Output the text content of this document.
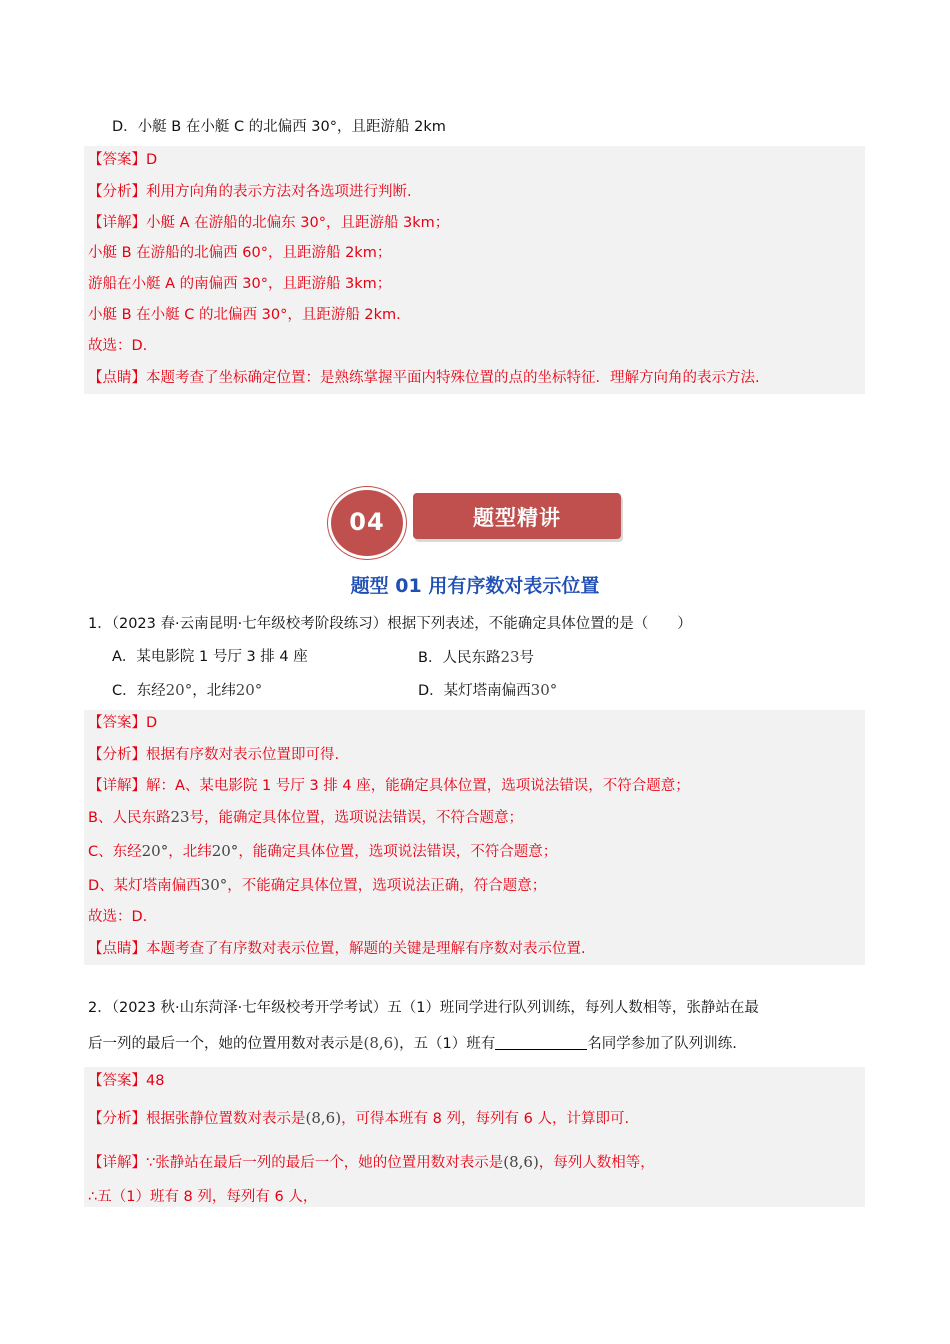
D．小艇 B 在小艇 C 的北偏西 30°，且距游船 2km
【答案】D
【分析】利用方向角的表示方法对各选项进行判断.
【详解】小艇 A 在游船的北偏东 30°，且距游船 3km；
小艇 B 在游船的北偏西 60°，且距游船 2km；
游船在小艇 A 的南偏西 30°，且距游船 3km；
小艇 B 在小艇 C 的北偏西 30°，且距游船 2km.
故选：D.
【点睛】本题考查了坐标确定位置：是熟练掌握平面内特殊位置的点的坐标特征．理解方向角的表示方法.
04	题型精讲
题型 01 用有序数对表示位置
1．（2023 春·云南昆明·七年级校考阶段练习）根据下列表述，不能确定具体位置的是（　　）
A．某电影院 1 号厅 3 排 4 座	B．人民东路23号
C．东经20°，北纬20°	D．某灯塔南偏西30°
【答案】D
【分析】根据有序数对表示位置即可得.
【详解】解：A、某电影院 1 号厅 3 排 4 座，能确定具体位置，选项说法错误，不符合题意；
B、人民东路23号，能确定具体位置，选项说法错误，不符合题意；
C、东经20°，北纬20°，能确定具体位置，选项说法错误，不符合题意；
D、某灯塔南偏西30°，不能确定具体位置，选项说法正确，符合题意；
故选：D.
【点睛】本题考查了有序数对表示位置，解题的关键是理解有序数对表示位置.
2．（2023 秋·山东菏泽·七年级校考开学考试）五（1）班同学进行队列训练，每列人数相等，张静站在最
后一列的最后一个，她的位置用数对表示是(8,6)，五（1）班有	名同学参加了队列训练.
【答案】48
【分析】根据张静位置数对表示是(8,6)，可得本班有 8 列，每列有 6 人，计算即可.
【详解】∵张静站在最后一列的最后一个，她的位置用数对表示是(8,6)，每列人数相等，
∴五（1）班有 8 列，每列有 6 人，
